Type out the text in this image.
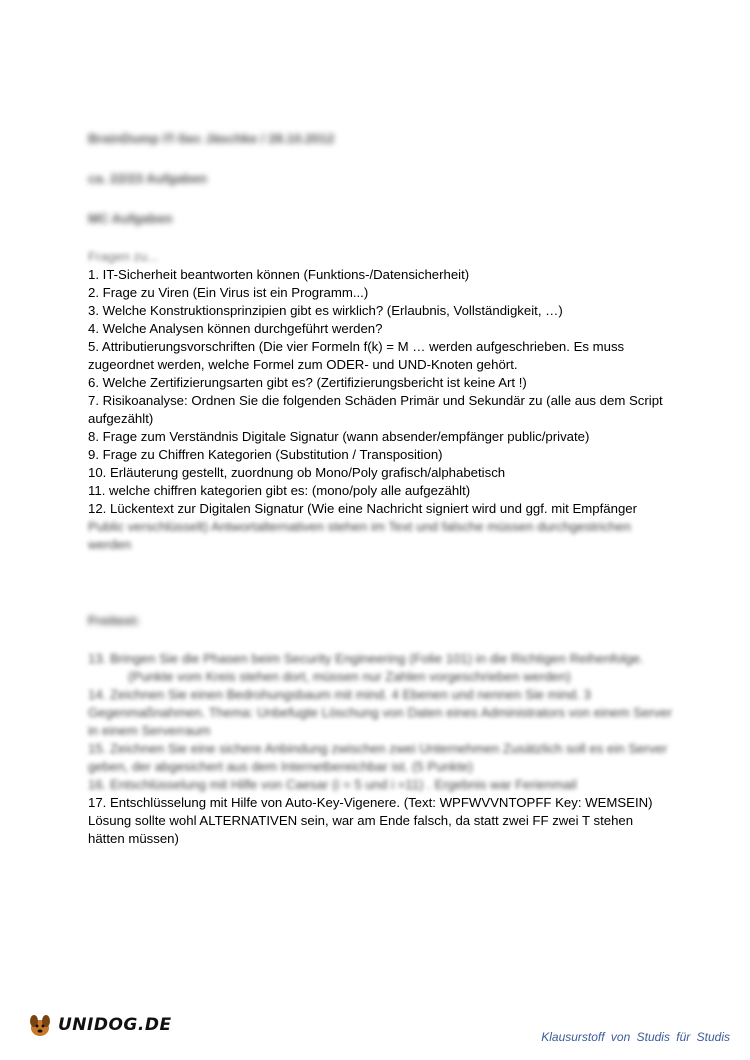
BrainDump IT-Sec Jäschke / 28.10.2012

ca. 22/23 Aufgaben

MC Aufgaben

Fragen zu...

1. IT-Sicherheit beantworten können (Funktions-/Datensicherheit)

2. Frage zu Viren (Ein Virus ist ein Programm...)

3. Welche Konstruktionsprinzipien gibt es wirklich? (Erlaubnis, Vollständigkeit, …)

4. Welche Analysen können durchgeführt werden?

5. Attributierungsvorschriften (Die vier Formeln f(k) = M … werden aufgeschrieben. Es muss zugeordnet werden, welche Formel zum ODER- und UND-Knoten gehört.

6. Welche Zertifizierungsarten gibt es? (Zertifizierungsbericht ist keine Art !)

7. Risikoanalyse: Ordnen Sie die folgenden Schäden Primär und Sekundär zu (alle aus dem Script aufgezählt)

8. Frage zum Verständnis Digitale Signatur (wann absender/empfänger public/private)

9. Frage zu Chiffren Kategorien (Substitution / Transposition)

10. Erläuterung gestellt, zuordnung ob Mono/Poly grafisch/alphabetisch

11. welche chiffren kategorien gibt es: (mono/poly alle aufgezählt)

12. Lückentext zur Digitalen Signatur (Wie eine Nachricht signiert wird und ggf. mit Empfänger

Public verschlüsselt) Antwortalternativen stehen im Text und falsche müssen durchgestrichen werden

Freitext:

13. Bringen Sie die Phasen beim Security Engineering (Folie 101) in die Richtigen Reihenfolge.

(Punkte vom Kreis stehen dort, müssen nur Zahlen vorgeschrieben werden)

14. Zeichnen Sie einen Bedrohungsbaum mit mind. 4 Ebenen und nennen Sie mind. 3 Gegenmaßnahmen. Thema: Unbefugte Löschung von Daten eines Administrators von einem Server in einem Serverraum

15. Zeichnen Sie eine sichere Anbindung zwischen zwei Unternehmen Zusätzlich soll es ein Server geben, der abgesichert aus dem Internetbereichbar ist. (5 Punkte)

16. Entschlüsselung mit Hilfe von Caesar (i = 5 und i =11) . Ergebnis war Ferienmail

17. Entschlüsselung mit Hilfe von Auto-Key-Vigenere. (Text: WPFWVVNTOPFF Key: WEMSEIN) Lösung sollte wohl ALTERNATIVEN sein, war am Ende falsch, da statt zwei FF zwei T stehen hätten müssen)

UNIDOG.DE
Klausurstoff von Studis für Studis
